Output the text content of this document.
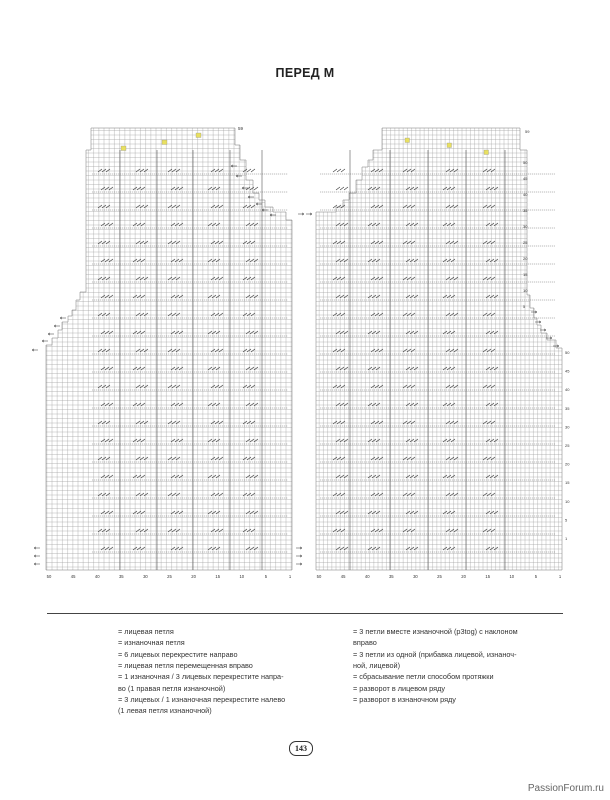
ПЕРЕД М
59
50	45	40	35	30	25	20	15	10	5	1
50
45
40
35
30
25
20
15
10
5
50
45
40
35
30
25
20
15
10
5
1
59
50	45	40	35	30	25	20	15	10	5	1
= лицевая петля
= изнаночная петля
= 6 лицевых перекрестите направо
= лицевая петля перемещенная вправо
= 1 изнаночная / 3 лицевых перекрестите напра-
во (1 правая петля изнаночной)
= 3 лицевых / 1 изнаночная перекрестите налево
(1 левая петля изнаночной)
= 3 петли вместе изнаночной (p3tog) с наклоном
вправо
= 3 петли из одной (прибавка лицевой, изнаноч-
ной, лицевой)
= сбрасывание петли способом протяжки
= разворот в лицевом ряду
= разворот в изнаночном ряду
143
PassionForum.ru
